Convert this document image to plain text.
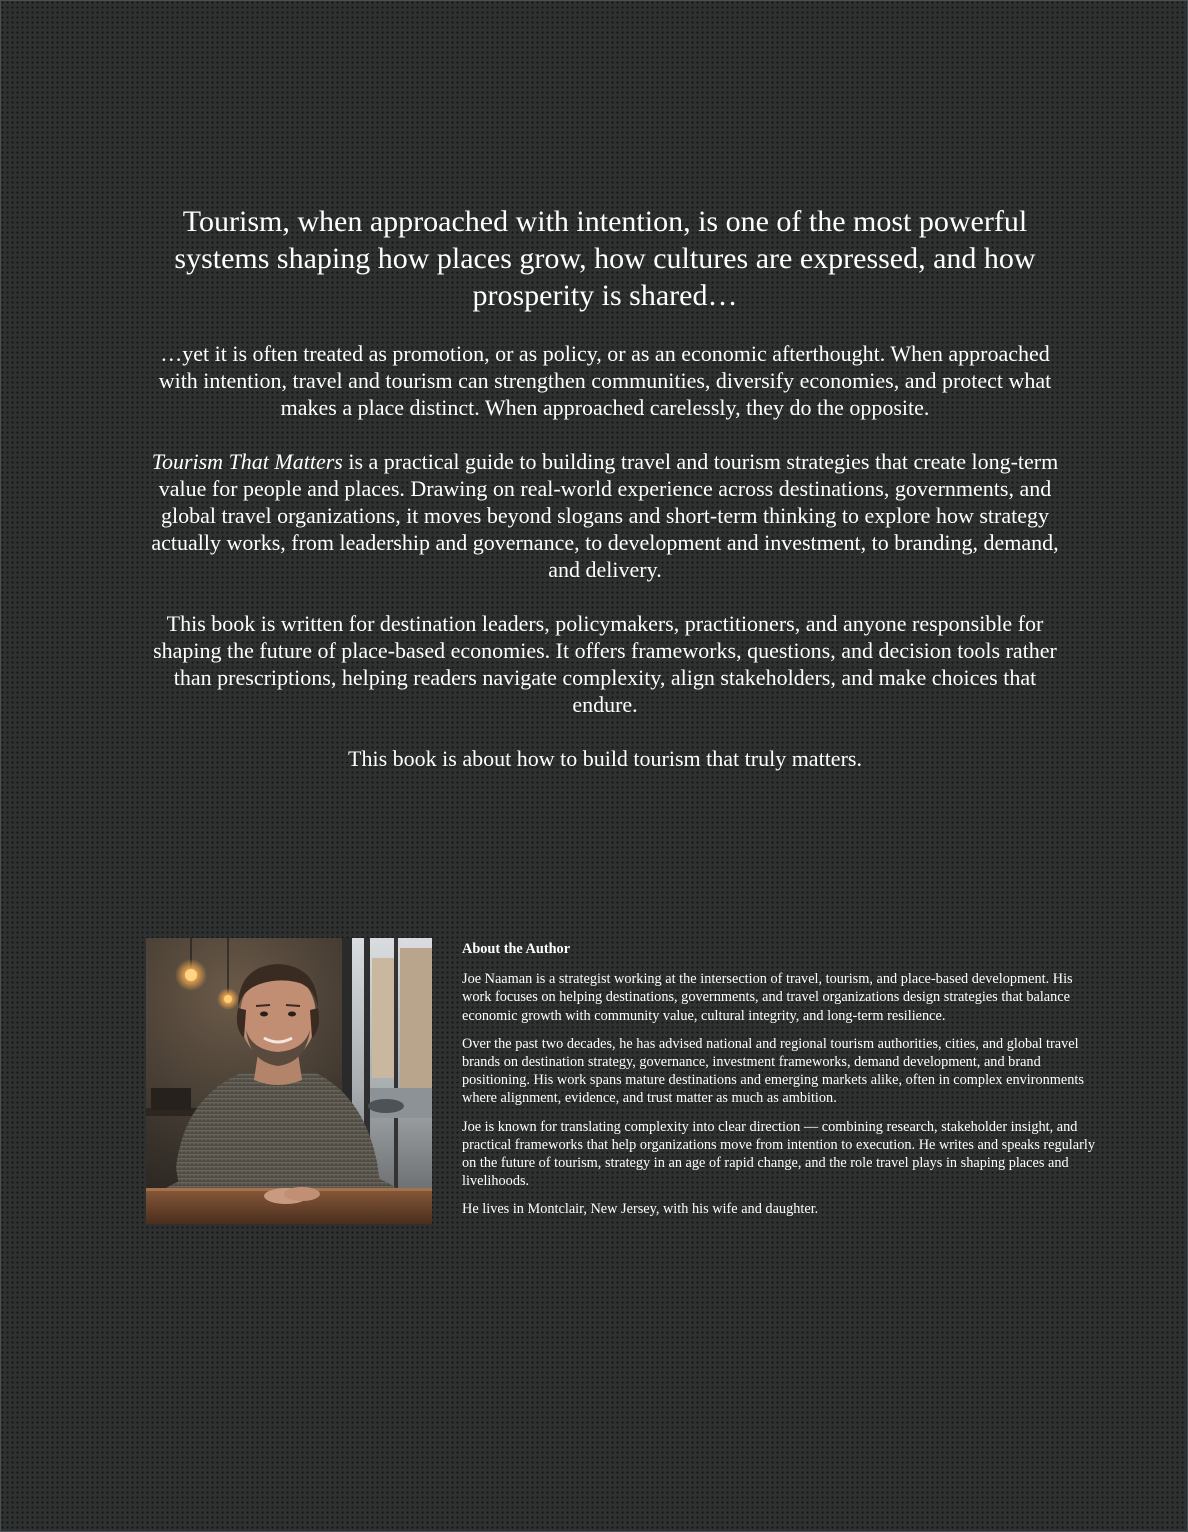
Tourism, when approached with intention, is one of the most powerful systems shaping how places grow, how cultures are expressed, and how prosperity is shared…

…yet it is often treated as promotion, or as policy, or as an economic afterthought. When approached with intention, travel and tourism can strengthen communities, diversify economies, and protect what makes a place distinct. When approached carelessly, they do the opposite.

Tourism That Matters is a practical guide to building travel and tourism strategies that create long-term value for people and places. Drawing on real-world experience across destinations, governments, and global travel organizations, it moves beyond slogans and short-term thinking to explore how strategy actually works, from leadership and governance, to development and investment, to branding, demand, and delivery.

This book is written for destination leaders, policymakers, practitioners, and anyone responsible for shaping the future of place-based economies. It offers frameworks, questions, and decision tools rather than prescriptions, helping readers navigate complexity, align stakeholders, and make choices that endure.

This book is about how to build tourism that truly matters.

About the Author

Joe Naaman is a strategist working at the intersection of travel, tourism, and place-based development. His work focuses on helping destinations, governments, and travel organizations design strategies that balance economic growth with community value, cultural integrity, and long-term resilience.

Over the past two decades, he has advised national and regional tourism authorities, cities, and global travel brands on destination strategy, governance, investment frameworks, demand development, and brand positioning. His work spans mature destinations and emerging markets alike, often in complex environments where alignment, evidence, and trust matter as much as ambition.

Joe is known for translating complexity into clear direction — combining research, stakeholder insight, and practical frameworks that help organizations move from intention to execution. He writes and speaks regularly on the future of tourism, strategy in an age of rapid change, and the role travel plays in shaping places and livelihoods.

He lives in Montclair, New Jersey, with his wife and daughter.
